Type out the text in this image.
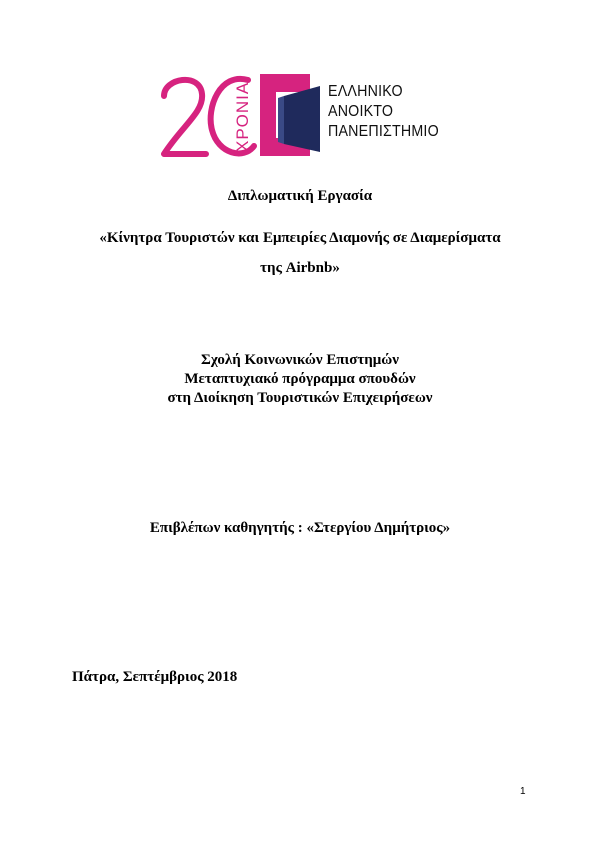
ΧΡΟΝΙΑ	ΕΛΛΗΝΙΚΟ
ΑΝΟΙΚΤΟ
ΠΑΝΕΠΙΣΤΗΜΙΟ
Διπλωματική Εργασία
«Κίνητρα Τουριστών και Εμπειρίες Διαμονής σε Διαμερίσματα
της Airbnb»
Σχολή Κοινωνικών Επιστημών
Μεταπτυχιακό πρόγραμμα σπουδών
στη Διοίκηση Τουριστικών Επιχειρήσεων
Επιβλέπων καθηγητής : «Στεργίου Δημήτριος»
Πάτρα, Σεπτέμβριος 2018
1
